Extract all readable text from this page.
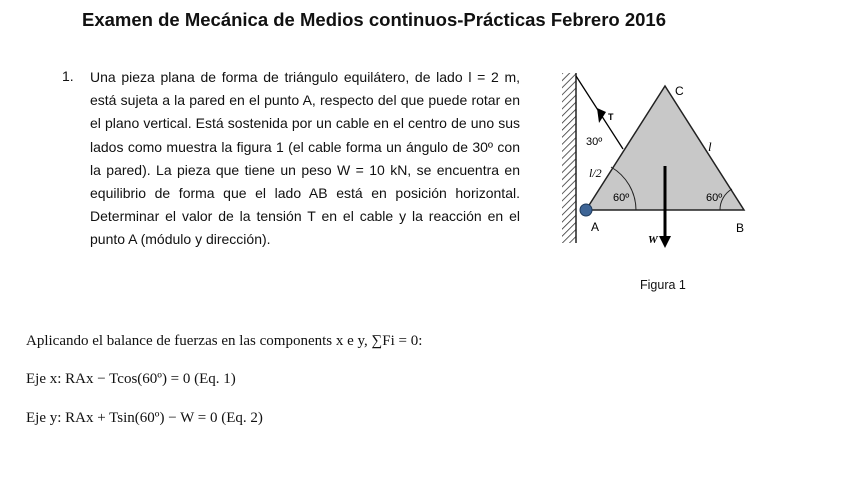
Examen de Mecánica de Medios continuos-Prácticas Febrero 2016
1. Una pieza plana de forma de triángulo equilátero, de lado l = 2 m, está sujeta a la pared en el punto A, respecto del que puede rotar en el plano vertical. Está sostenida por un cable en el centro de uno sus lados como muestra la figura 1 (el cable forma un ángulo de 30º con la pared). La pieza que tiene un peso W = 10 kN, se encuentra en equilibrio de forma que el lado AB está en posición horizontal. Determinar el valor de la tensión T en el cable y la reacción en el punto A (módulo y dirección).
C
A	B
30º
l/2
60º	60º
l
T
W
Figura 1
Aplicando el balance de fuerzas en las components x e y, ∑Fi = 0:
Eje x: RAx − Tcos(60º) = 0 (Eq. 1)
Eje y: RAx + Tsin(60º) − W = 0 (Eq. 2)
